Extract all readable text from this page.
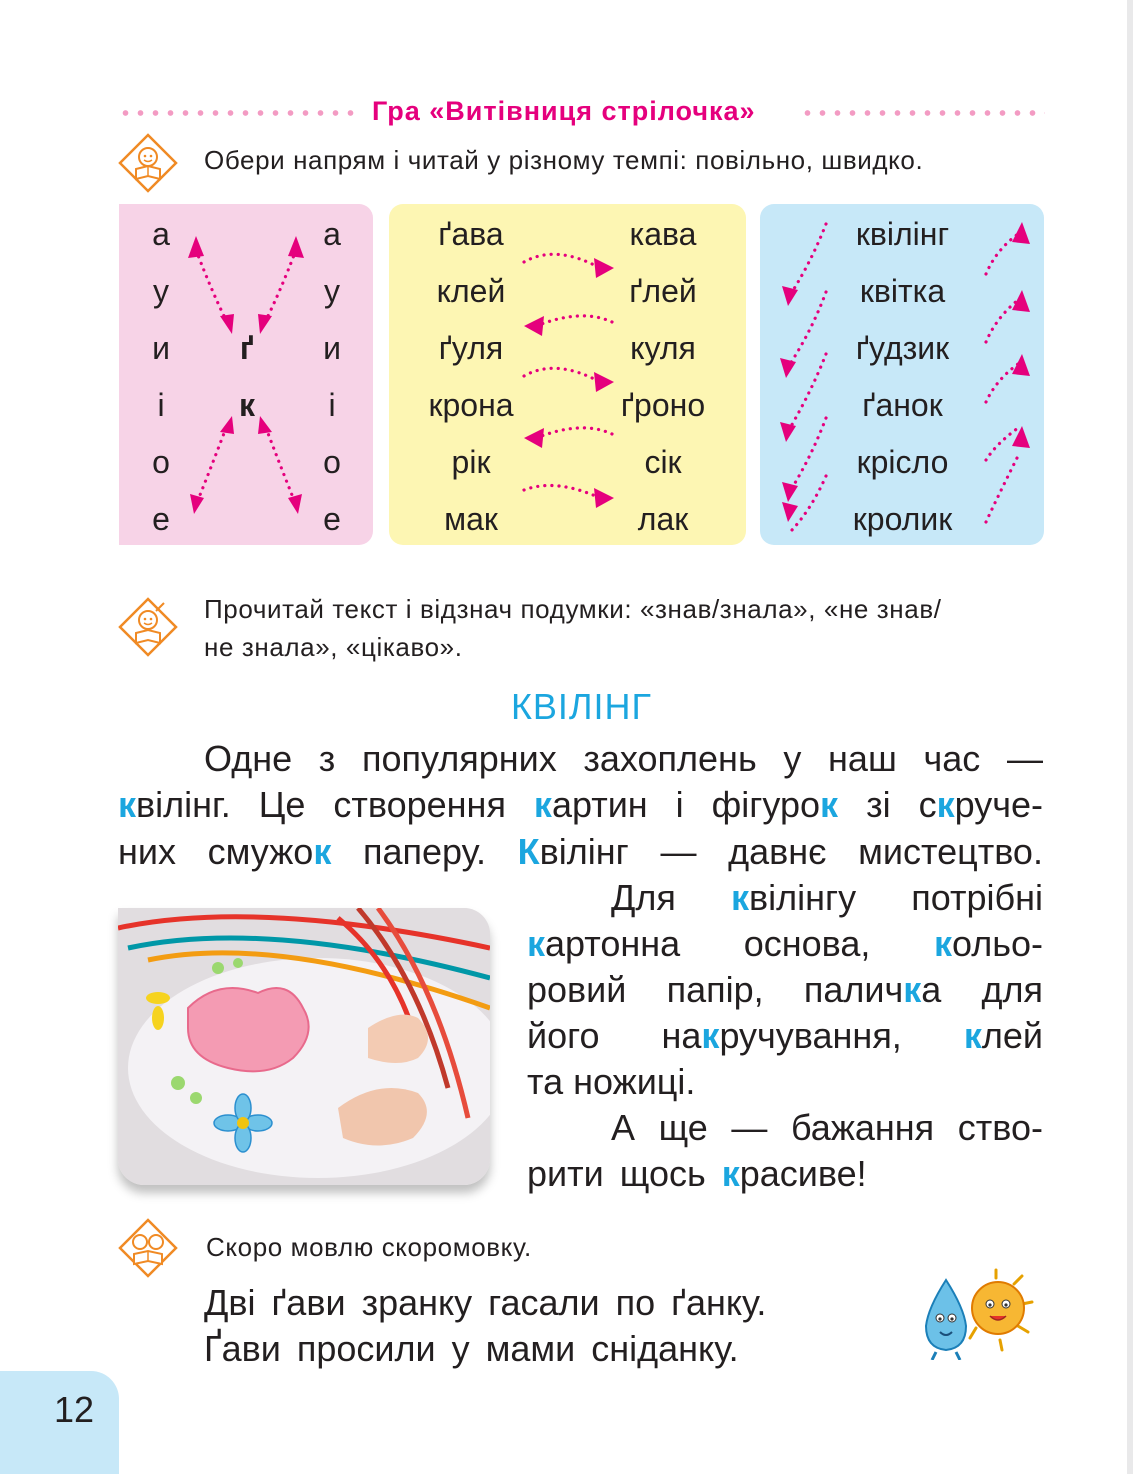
Гра «Витівниця стрілочка»
Обери напрям і читай у різному темпі: повільно, швидко.
а
у
и
і
о
е
а
у
и
і
о
е
ґ
к
ґава
клей
ґуля
крона
рік
мак
кава
ґлей
куля
ґроно
сік
лак
квілінг
квітка
ґудзик
ґанок
крісло
кролик
Прочитай текст і відзнач подумки: «знав/знала», «не знав/
не знала», «цікаво».
КВІЛІНГ
Одне з популярних захоплень у наш час —
квілінг. Це створення картин і фігурок зі скруче-
них смужок паперу. Квілінг — давнє мистецтво.
Для квілінгу потрібні
картонна основа, кольо-
ровий папір, паличка для
його накручування, клей
та ножиці.
А ще — бажання ство-
рити щось красиве!
Скоро мовлю скоромовку.
Дві ґави зранку гасали по ґанку.
Ґави просили у мами сніданку.
12
